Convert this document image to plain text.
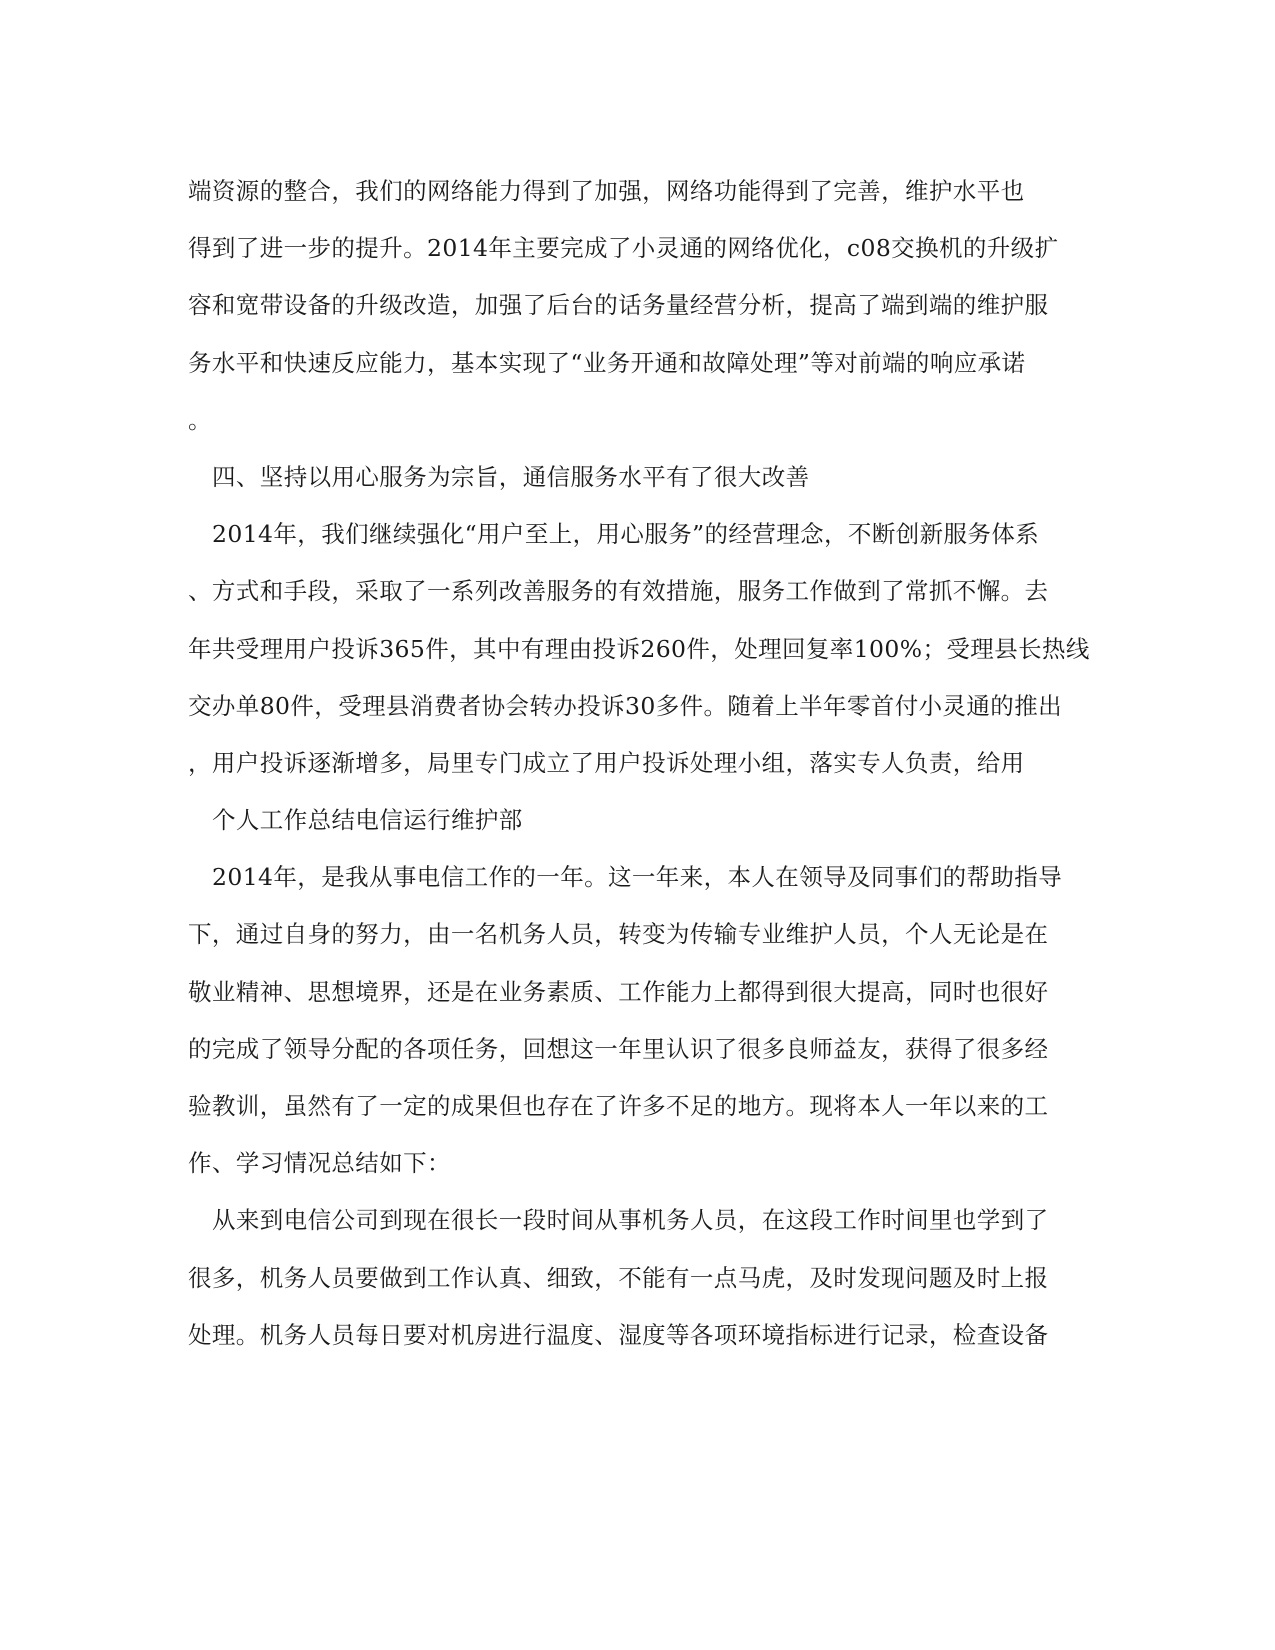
端资源的整合，我们的网络能力得到了加强，网络功能得到了完善，维护水平也
得到了进一步的提升。2014年主要完成了小灵通的网络优化，c08交换机的升级扩
容和宽带设备的升级改造，加强了后台的话务量经营分析，提高了端到端的维护服
务水平和快速反应能力，基本实现了“业务开通和故障处理”等对前端的响应承诺
。
四、坚持以用心服务为宗旨，通信服务水平有了很大改善
2014年，我们继续强化“用户至上，用心服务”的经营理念，不断创新服务体系
、方式和手段，采取了一系列改善服务的有效措施，服务工作做到了常抓不懈。去
年共受理用户投诉365件，其中有理由投诉260件，处理回复率100%；受理县长热线
交办单80件，受理县消费者协会转办投诉30多件。随着上半年零首付小灵通的推出
，用户投诉逐渐增多，局里专门成立了用户投诉处理小组，落实专人负责，给用
个人工作总结电信运行维护部
2014年，是我从事电信工作的一年。这一年来，本人在领导及同事们的帮助指导
下，通过自身的努力，由一名机务人员，转变为传输专业维护人员，个人无论是在
敬业精神、思想境界，还是在业务素质、工作能力上都得到很大提高，同时也很好
的完成了领导分配的各项任务，回想这一年里认识了很多良师益友，获得了很多经
验教训，虽然有了一定的成果但也存在了许多不足的地方。现将本人一年以来的工
作、学习情况总结如下：
从来到电信公司到现在很长一段时间从事机务人员，在这段工作时间里也学到了
很多，机务人员要做到工作认真、细致，不能有一点马虎，及时发现问题及时上报
处理。机务人员每日要对机房进行温度、湿度等各项环境指标进行记录，检查设备
